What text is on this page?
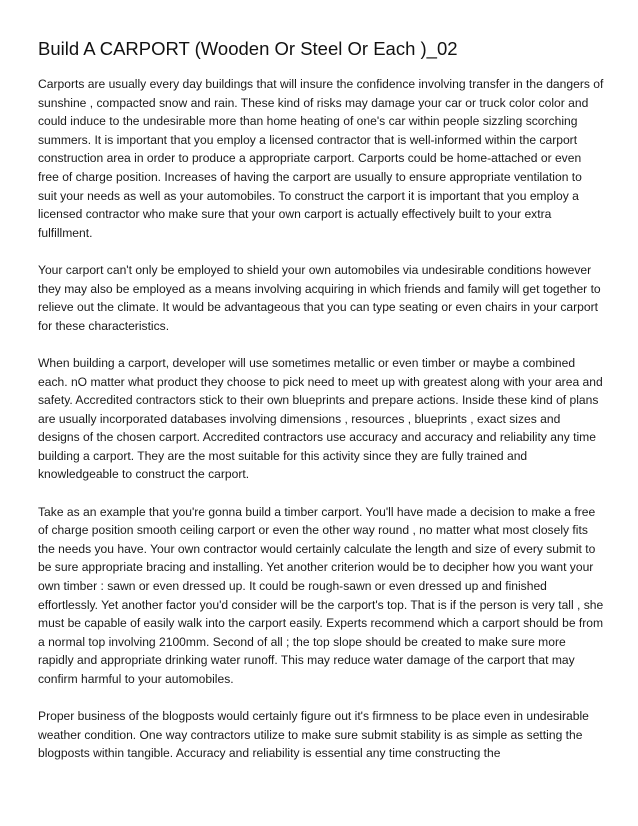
Build A CARPORT (Wooden Or Steel Or Each )_02

Carports are usually every day buildings that will insure the confidence involving transfer in the dangers of sunshine , compacted snow and rain. These kind of risks may damage your car or truck color color and could induce to the undesirable more than home heating of one's car within people sizzling scorching summers. It is important that you employ a licensed contractor that is well-informed within the carport construction area in order to produce a appropriate carport. Carports could be home-attached or even free of charge position. Increases of having the carport are usually to ensure appropriate ventilation to suit your needs as well as your automobiles. To construct the carport it is important that you employ a licensed contractor who make sure that your own carport is actually effectively built to your extra fulfillment.

Your carport can't only be employed to shield your own automobiles via undesirable conditions however they may also be employed as a means involving acquiring in which friends and family will get together to relieve out the climate. It would be advantageous that you can type seating or even chairs in your carport for these characteristics.

When building a carport, developer will use sometimes metallic or even timber or maybe a combined each. nO matter what product they choose to pick need to meet up with greatest along with your area and safety. Accredited contractors stick to their own blueprints and prepare actions. Inside these kind of plans are usually incorporated databases involving dimensions , resources , blueprints , exact sizes and designs of the chosen carport. Accredited contractors use accuracy and accuracy and reliability any time building a carport. They are the most suitable for this activity since they are fully trained and knowledgeable to construct the carport.

Take as an example that you're gonna build a timber carport. You'll have made a decision to make a free of charge position smooth ceiling carport or even the other way round , no matter what most closely fits the needs you have. Your own contractor would certainly calculate the length and size of every submit to be sure appropriate bracing and installing. Yet another criterion would be to decipher how you want your own timber : sawn or even dressed up. It could be rough-sawn or even dressed up and finished effortlessly. Yet another factor you'd consider will be the carport's top. That is if the person is very tall , she must be capable of easily walk into the carport easily. Experts recommend which a carport should be from a normal top involving 2100mm. Second of all ; the top slope should be created to make sure more rapidly and appropriate drinking water runoff. This may reduce water damage of the carport that may confirm harmful to your automobiles.

Proper business of the blogposts would certainly figure out it's firmness to be place even in undesirable weather condition. One way contractors utilize to make sure submit stability is as simple as setting the blogposts within tangible. Accuracy and reliability is essential any time constructing the
